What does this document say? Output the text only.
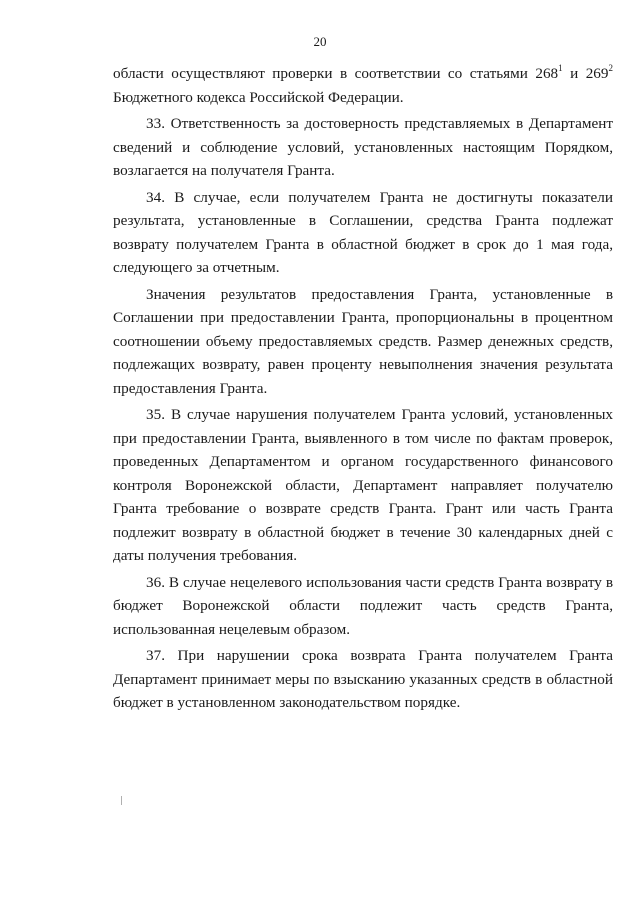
20

области осуществляют проверки в соответствии со статьями $268^1$ и $269^2$ Бюджетного кодекса Российской Федерации.

33. Ответственность за достоверность представляемых в Департамент сведений и соблюдение условий, установленных настоящим Порядком, возлагается на получателя Гранта.

34. В случае, если получателем Гранта не достигнуты показатели результата, установленные в Соглашении, средства Гранта подлежат возврату получателем Гранта в областной бюджет в срок до 1 мая года, следующего за отчетным.

Значения результатов предоставления Гранта, установленные в Соглашении при предоставлении Гранта, пропорциональны в процентном соотношении объему предоставляемых средств. Размер денежных средств, подлежащих возврату, равен проценту невыполнения значения результата предоставления Гранта.

35. В случае нарушения получателем Гранта условий, установленных при предоставлении Гранта, выявленного в том числе по фактам проверок, проведенных Департаментом и органом государственного финансового контроля Воронежской области, Департамент направляет получателю Гранта требование о возврате средств Гранта. Грант или часть Гранта подлежит возврату в областной бюджет в течение 30 календарных дней с даты получения требования.

36. В случае нецелевого использования части средств Гранта возврату в бюджет Воронежской области подлежит часть средств Гранта, использованная нецелевым образом.

37. При нарушении срока возврата Гранта получателем Гранта Департамент принимает меры по взысканию указанных средств в областной бюджет в установленном законодательством порядке.
